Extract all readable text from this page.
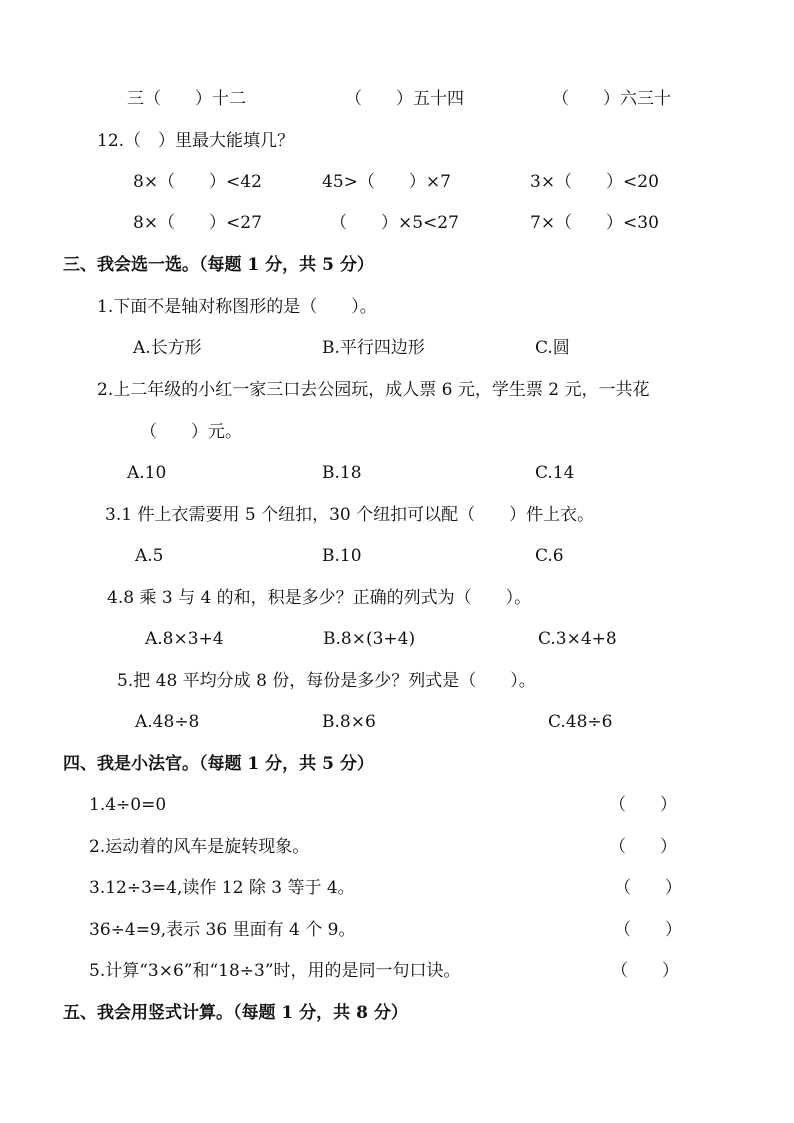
三（　　）十二	（　　）五十四	（　　）六三十
12.（　）里最大能填几？
8×（　　）<42	45>（　　）×7	3×（　　）<20
8×（　　）<27	（　　）×5<27	7×（　　）<30
三、我会选一选。（每题 1 分，共 5 分）
1.下面不是轴对称图形的是（　　）。
A.长方形	B.平行四边形	C.圆
2.上二年级的小红一家三口去公园玩，成人票 6 元，学生票 2 元，一共花
（　　）元。
A.10	B.18	C.14
3.1 件上衣需要用 5 个纽扣，30 个纽扣可以配（　　）件上衣。
A.5	B.10	C.6
4.8 乘 3 与 4 的和，积是多少？正确的列式为（　　）。
A.8×3+4	B.8×(3+4)	C.3×4+8
5.把 48 平均分成 8 份，每份是多少？列式是（　　）。
A.48÷8	B.8×6	C.48÷6
四、我是小法官。（每题 1 分，共 5 分）
1.4÷0=0	（　　）
2.运动着的风车是旋转现象。	（　　）
3.12÷3=4,读作 12 除 3 等于 4。	（　　）
36÷4=9,表示 36 里面有 4 个 9。	（　　）
5.计算“3×6”和“18÷3”时，用的是同一句口诀。	（　　）
五、我会用竖式计算。（每题 1 分，共 8 分）
